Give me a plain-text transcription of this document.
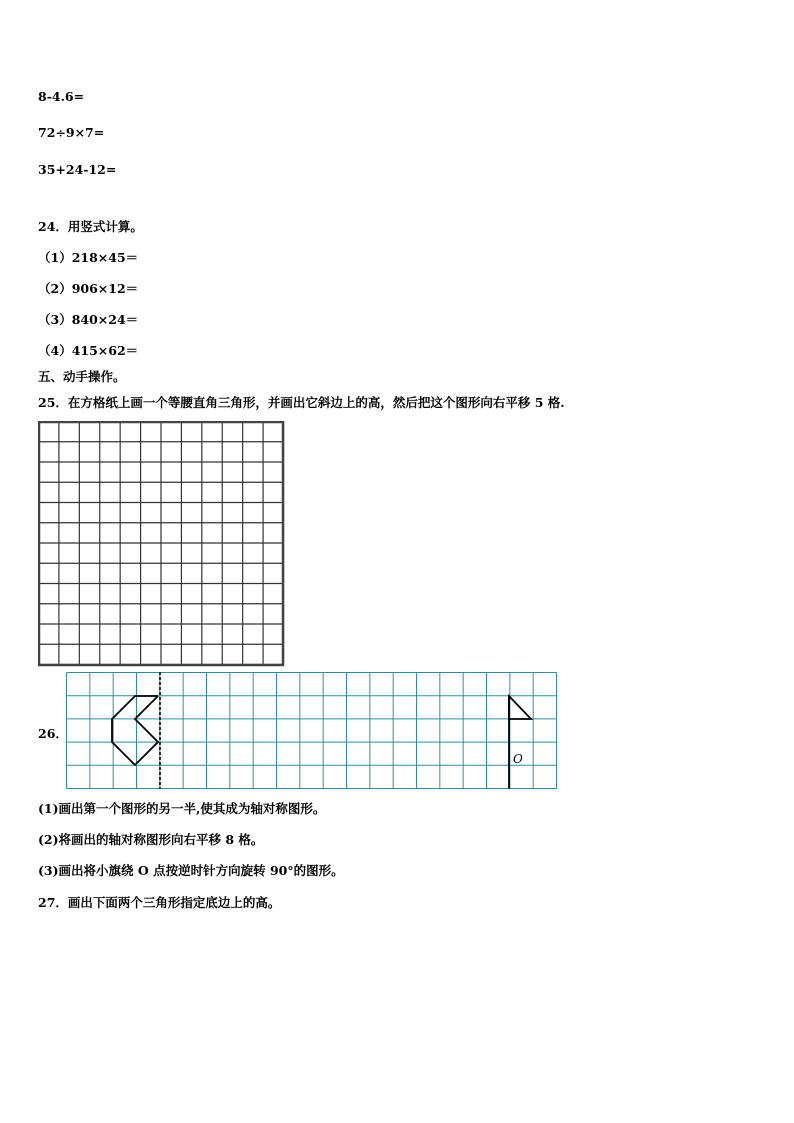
8-4.6=
72÷9×7=
35+24-12=
24．用竖式计算。
（1）218×45＝
（2）906×12＝
（3）840×24＝
（4）415×62＝
五、动手操作。
25．在方格纸上画一个等腰直角三角形，并画出它斜边上的高，然后把这个图形向右平移 5 格.
26．
O
(1)画出第一个图形的另一半,使其成为轴对称图形。
(2)将画出的轴对称图形向右平移 8 格。
(3)画出将小旗绕 O 点按逆时针方向旋转 90°的图形。
27．画出下面两个三角形指定底边上的高。
